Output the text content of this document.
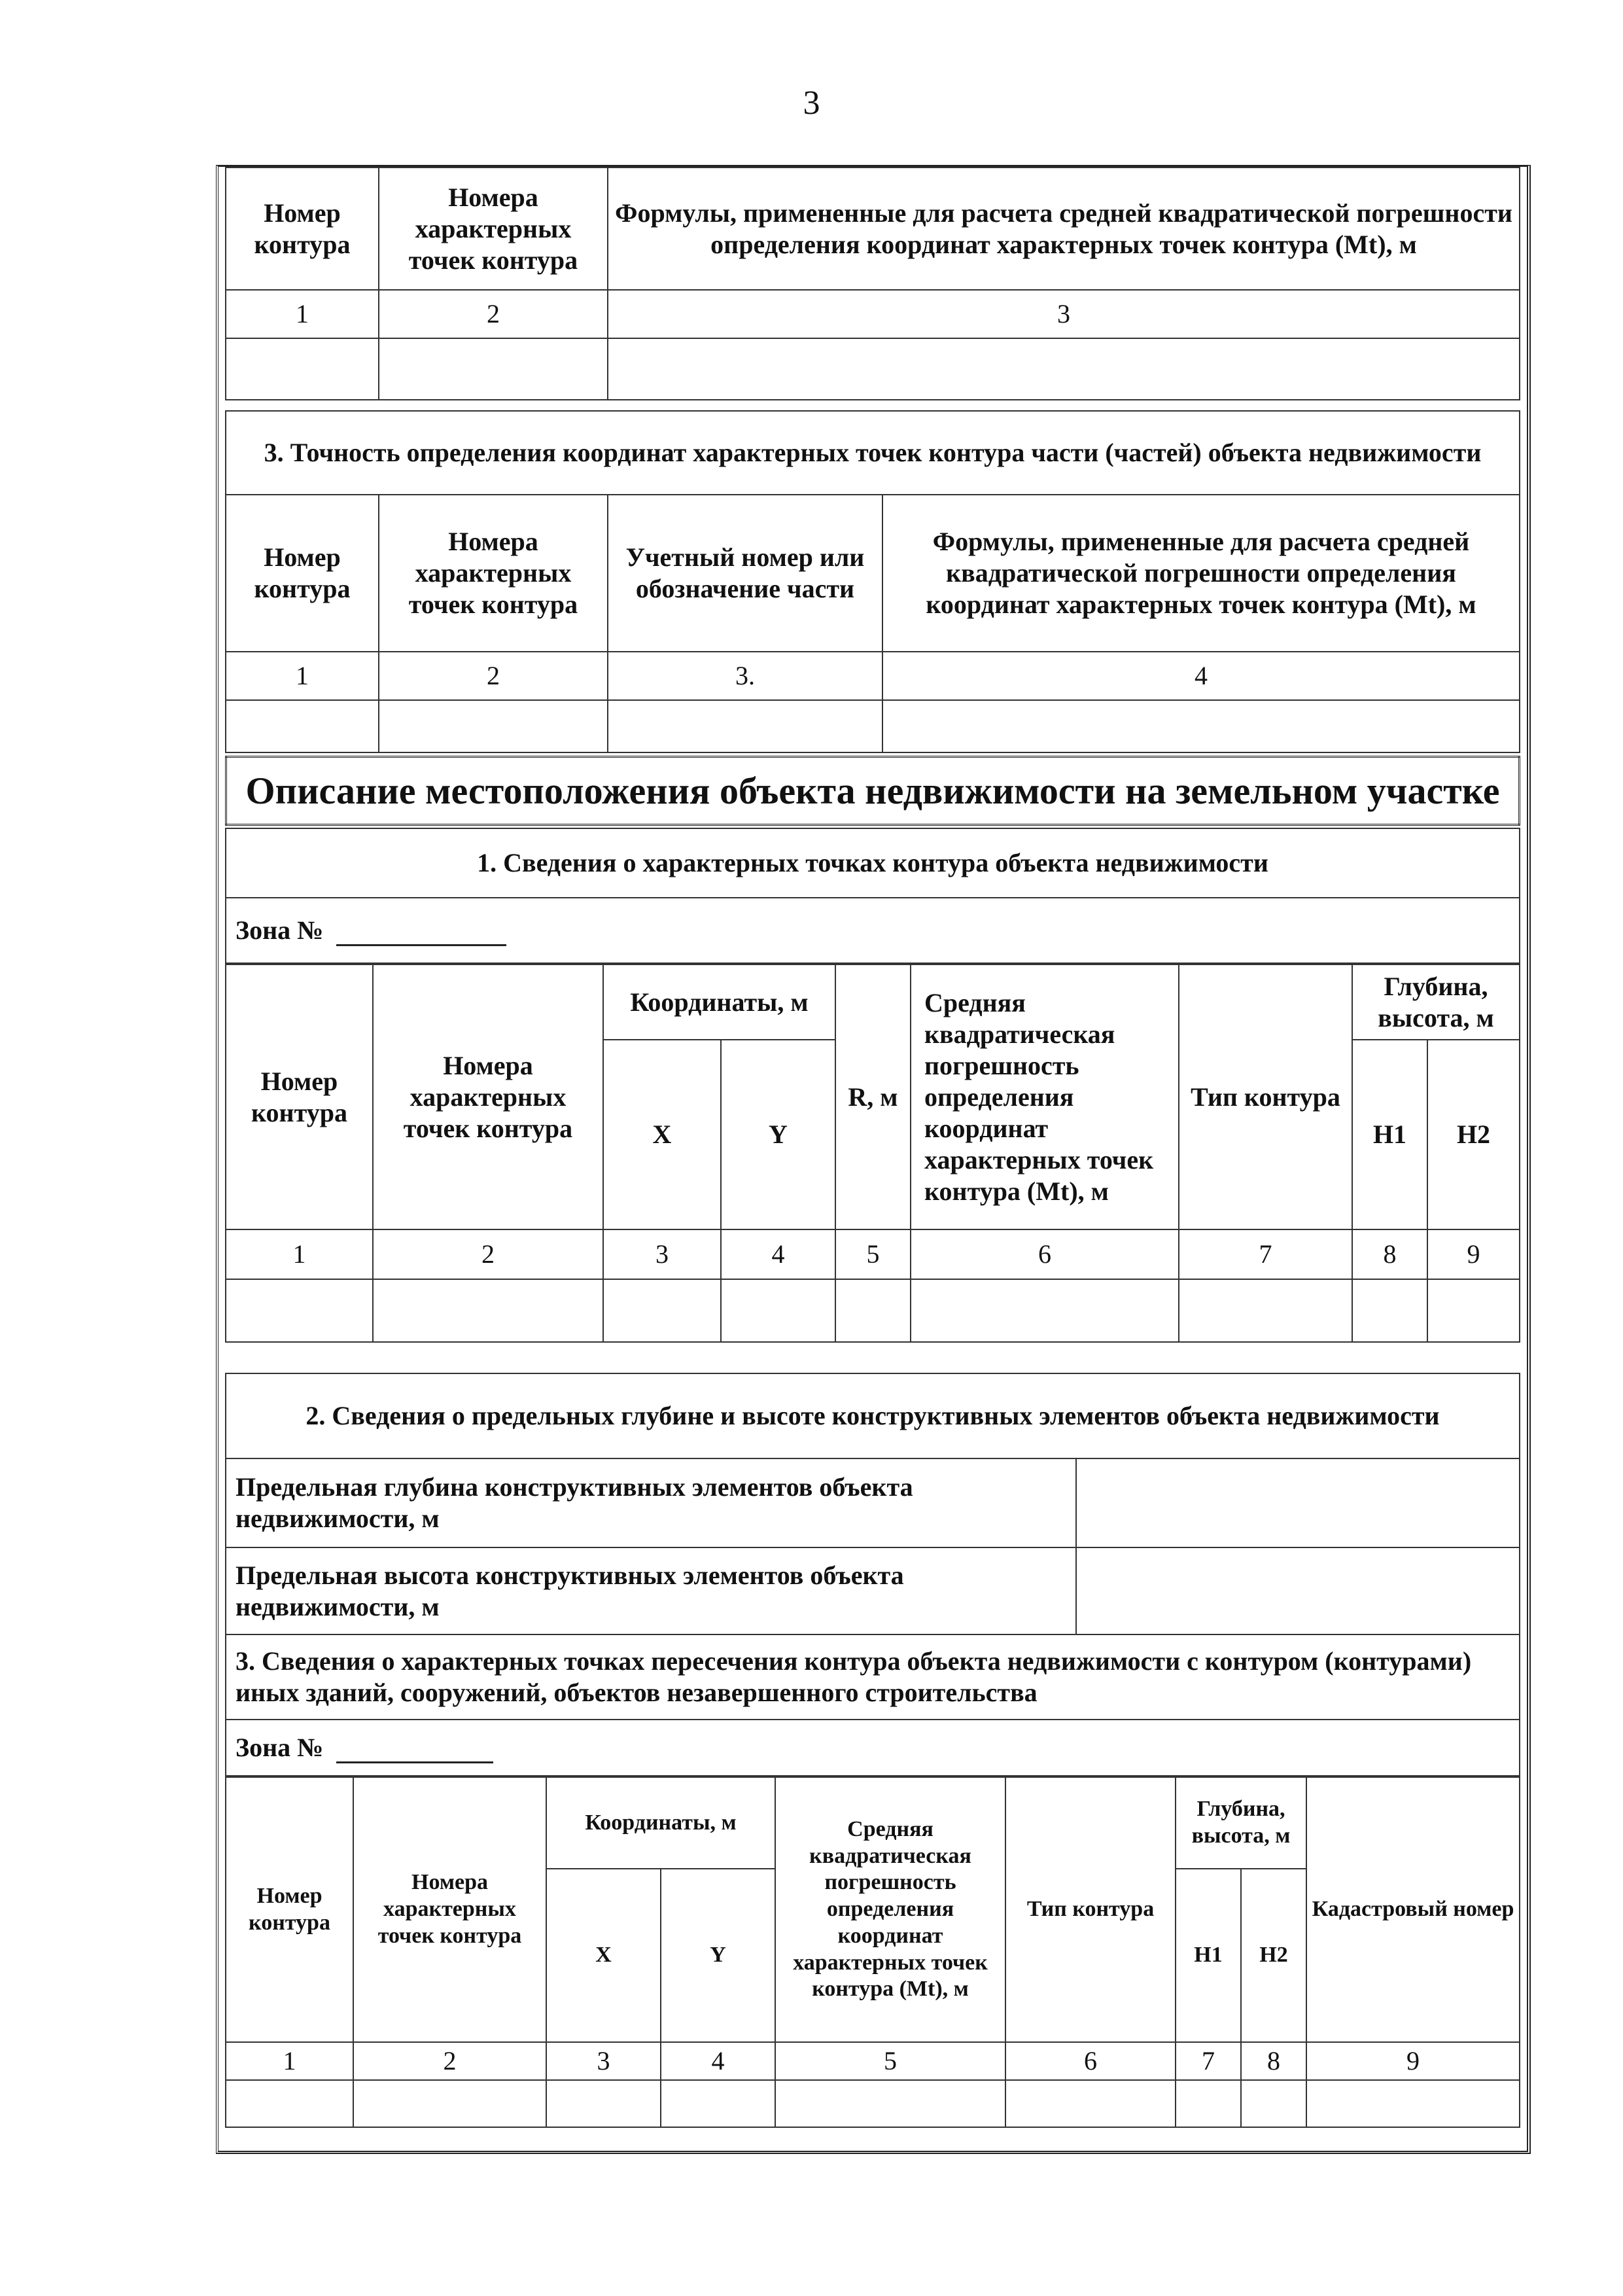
3
Номер контура	Номера характерных точек контура	Формулы, примененные для расчета средней квадратической погрешности определения координат характерных точек контура (Mt), м
1	2	3

3. Точность определения координат характерных точек контура части (частей) объекта недвижимости			
Номер контура	Номера характерных точек контура	Учетный номер или обозначение части	Формулы, примененные для расчета средней квадратической погрешности определения координат характерных точек контура (Mt), м
1	2	3.	4

Описание местоположения объекта недвижимости на земельном участке
1. Сведения о характерных точках контура объекта недвижимости
Зона №
Номер контура	Номера характерных точек контура	Координаты, м		R, м	Средняя квадратическая погрешность определения координат характерных точек контура (Mt), м	Тип контура	Глубина, высота, м	
		X	Y				H1	H2

1	2	3	4	5	6	7	8	9

2. Сведения о предельных глубине и высоте конструктивных элементов объекта недвижимости	
Предельная глубина конструктивных элементов объекта недвижимости, м	
Предельная высота конструктивных элементов объекта недвижимости, м	
3. Сведения о характерных точках пересечения контура объекта недвижимости с контуром (контурами) иных зданий, сооружений, объектов незавершенного строительства
Зона №
Номер контура	Номера характерных точек контура	Координаты, м		Средняя квадратическая погрешность определения координат характерных точек контура (Mt), м	Тип контура	Глубина, высота, м		Кадастровый номер
		X	Y			H1	H2	

1	2	3	4	5	6	7	8	9
